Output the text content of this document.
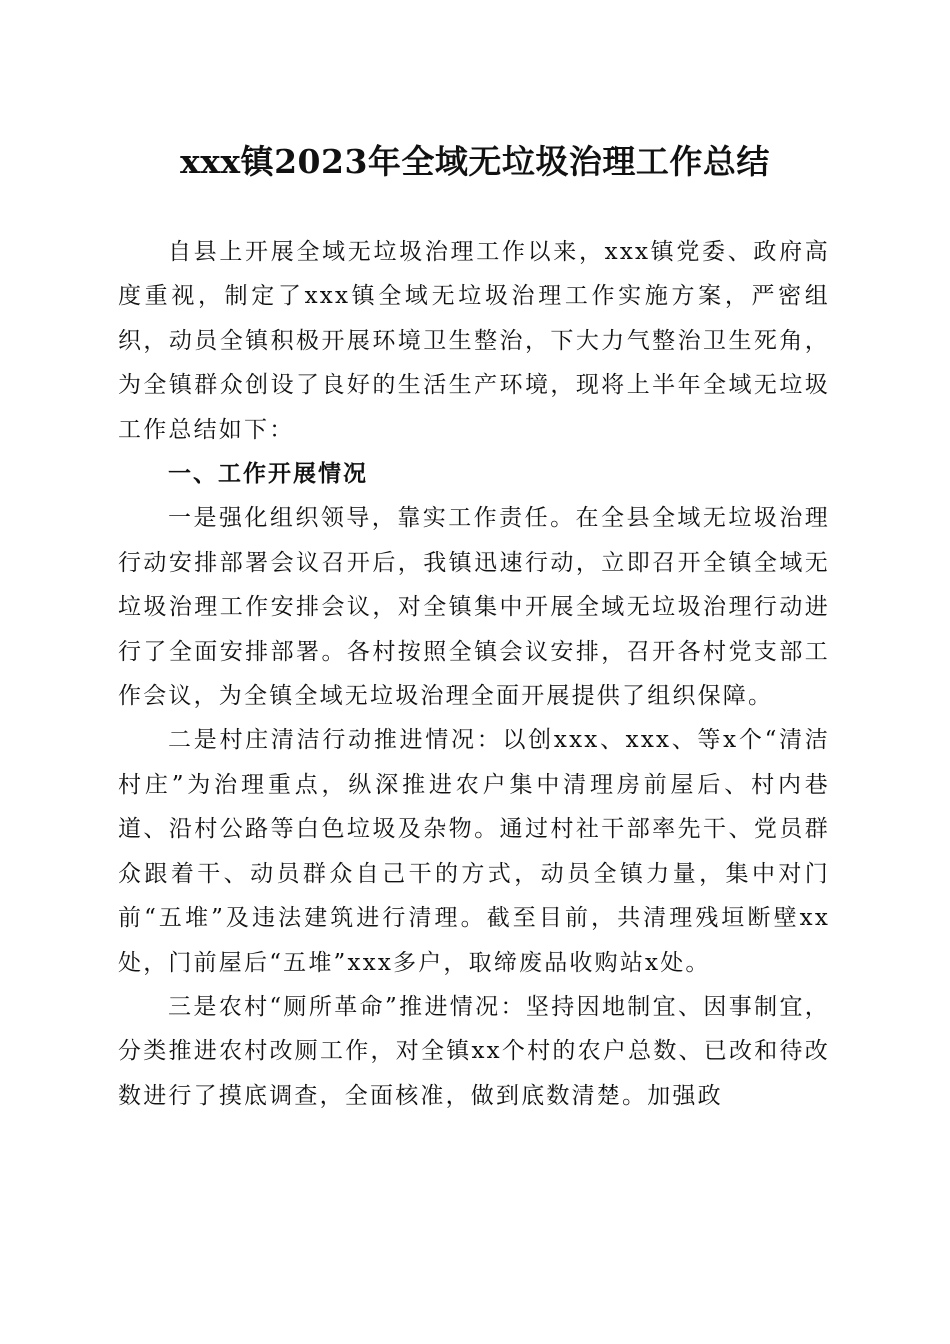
xxx镇2023年全域无垃圾治理工作总结

自县上开展全域无垃圾治理工作以来，xxx镇党委、政府高度重视，制定了xxx镇全域无垃圾治理工作实施方案，严密组织，动员全镇积极开展环境卫生整治，下大力气整治卫生死角，为全镇群众创设了良好的生活生产环境，现将上半年全域无垃圾工作总结如下：

一、工作开展情况

一是强化组织领导，靠实工作责任。在全县全域无垃圾治理行动安排部署会议召开后，我镇迅速行动，立即召开全镇全域无垃圾治理工作安排会议，对全镇集中开展全域无垃圾治理行动进行了全面安排部署。各村按照全镇会议安排，召开各村党支部工作会议，为全镇全域无垃圾治理全面开展提供了组织保障。

二是村庄清洁行动推进情况：以创xxx、xxx、等x个“清洁村庄”为治理重点，纵深推进农户集中清理房前屋后、村内巷道、沿村公路等白色垃圾及杂物。通过村社干部率先干、党员群众跟着干、动员群众自己干的方式，动员全镇力量，集中对门前“五堆”及违法建筑进行清理。截至目前，共清理残垣断壁xx处，门前屋后“五堆”xxx多户，取缔废品收购站x处。

三是农村“厕所革命”推进情况：坚持因地制宜、因事制宜，分类推进农村改厕工作，对全镇xx个村的农户总数、已改和待改数进行了摸底调查，全面核准，做到底数清楚。加强政
